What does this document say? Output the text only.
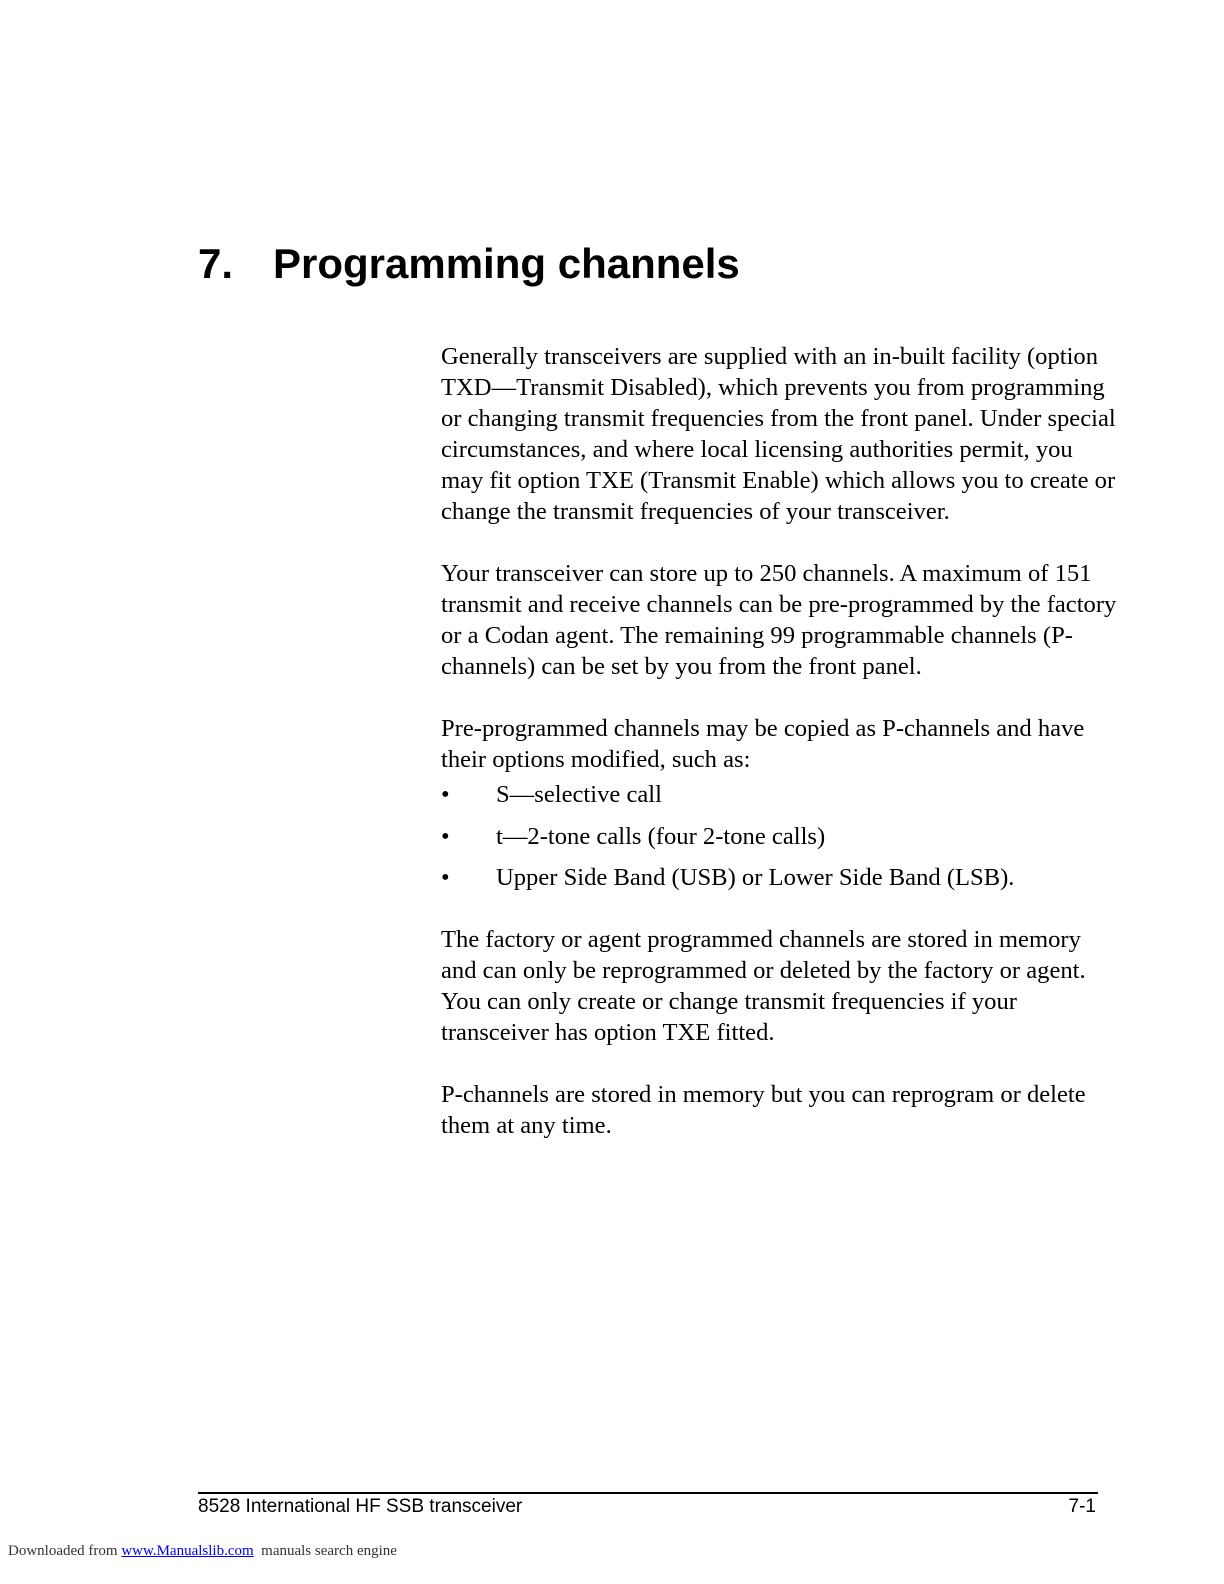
7. Programming channels

Generally transceivers are supplied with an in-built facility (option TXD—Transmit Disabled), which prevents you from programming or changing transmit frequencies from the front panel. Under special circumstances, and where local licensing authorities permit, you may fit option TXE (Transmit Enable) which allows you to create or change the transmit frequencies of your transceiver.

Your transceiver can store up to 250 channels. A maximum of 151 transmit and receive channels can be pre-programmed by the factory or a Codan agent. The remaining 99 programmable channels (P-channels) can be set by you from the front panel.

Pre-programmed channels may be copied as P-channels and have their options modified, such as:

• S—selective call
• t—2-tone calls (four 2-tone calls)
• Upper Side Band (USB) or Lower Side Band (LSB).

The factory or agent programmed channels are stored in memory and can only be reprogrammed or deleted by the factory or agent. You can only create or change transmit frequencies if your transceiver has option TXE fitted.

P-channels are stored in memory but you can reprogram or delete them at any time.

8528 International HF SSB transceiver	7-1
Downloaded from www.Manualslib.com manuals search engine
